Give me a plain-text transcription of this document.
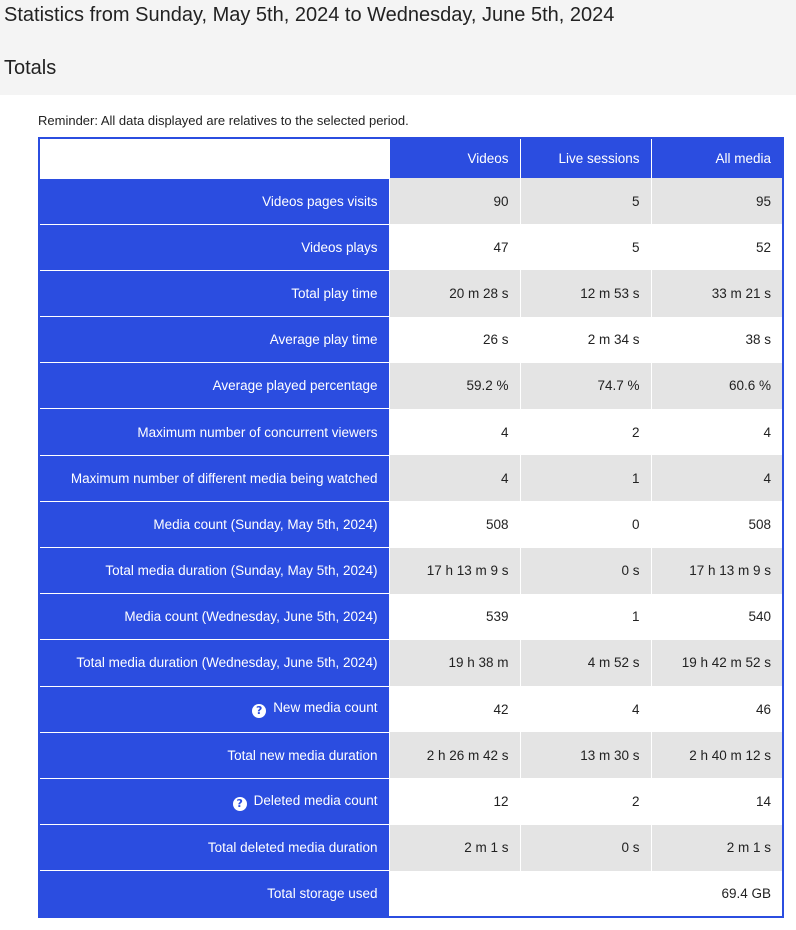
Statistics from Sunday, May 5th, 2024 to Wednesday, June 5th, 2024
Totals
Reminder: All data displayed are relatives to the selected period.
	Videos	Live sessions	All media
Videos pages visits	90	5	95
Videos plays	47	5	52
Total play time	20 m 28 s	12 m 53 s	33 m 21 s
Average play time	26 s	2 m 34 s	38 s
Average played percentage	59.2 %	74.7 %	60.6 %
Maximum number of concurrent viewers	4	2	4
Maximum number of different media being watched	4	1	4
Media count (Sunday, May 5th, 2024)	508	0	508
Total media duration (Sunday, May 5th, 2024)	17 h 13 m 9 s	0 s	17 h 13 m 9 s
Media count (Wednesday, June 5th, 2024)	539	1	540
Total media duration (Wednesday, June 5th, 2024)	19 h 38 m	4 m 52 s	19 h 42 m 52 s
? New media count	42	4	46
Total new media duration	2 h 26 m 42 s	13 m 30 s	2 h 40 m 12 s
? Deleted media count	12	2	14
Total deleted media duration	2 m 1 s	0 s	2 m 1 s
Total storage used			69.4 GB
